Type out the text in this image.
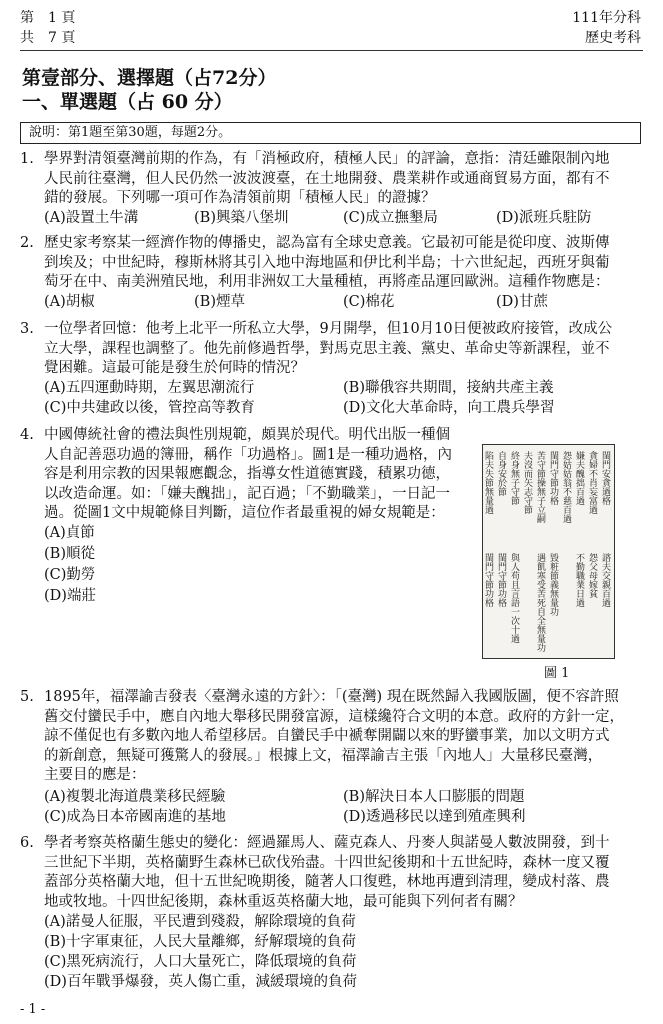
第　1 頁
共　7 頁
111年分科
歷史考科
第壹部分、選擇題（占72分）
一、單選題（占 60 分）
說明：第1題至第30題，每題2分。
1. 學界對清領臺灣前期的作為，有「消極政府，積極人民」的評論，意指：清廷雖限制內地

人民前往臺灣，但人民仍然一波波渡臺，在土地開發、農業耕作或通商貿易方面，都有不

錯的發展。下列哪一項可作為清領前期「積極人民」的證據？

(A)設置土牛溝	(B)興築八堡圳	(C)成立撫墾局	(D)派班兵駐防
2. 歷史家考察某一經濟作物的傳播史，認為富有全球史意義。它最初可能是從印度、波斯傳

到埃及；中世紀時，穆斯林將其引入地中海地區和伊比利半島；十六世紀起，西班牙與葡

萄牙在中、南美洲殖民地，利用非洲奴工大量種植，再將產品運回歐洲。這種作物應是：

(A)胡椒	(B)煙草	(C)棉花	(D)甘蔗
3. 一位學者回憶：他考上北平一所私立大學，9月開學，但10月10日便被政府接管，改成公

立大學，課程也調整了。他先前修過哲學，對馬克思主義、黨史、革命史等新課程，並不

覺困難。這最可能是發生於何時的情況？

(A)五四運動時期，左翼思潮流行	(B)聯俄容共期間，接納共產主義
(C)中共建政以後，管控高等教育	(D)文化大革命時，向工農兵學習
4. 中國傳統社會的禮法與性別規範，頗異於現代。明代出版一種個

人自記善惡功過的簿冊，稱作「功過格」。圖1是一種功過格，內

容是利用宗教的因果報應觀念，指導女性道德實踐，積累功德，

以改造命運。如：「嫌夫醜拙」，記百過；「不勤職業」，一日記一

過。從圖1文中規範條目判斷，這位作者最重視的婦女規範是：

(A)貞節
(B)順從
(C)勤勞
(D)端莊
閨門安貪過格
貪婦不肖妄富過
嫌夫醜拙百過
怨姑姑翁不慈百過
閨門守節功格
苦守節操無子立嗣
夫沒而矢志守節
終身無子守節
自身安於節
陷夫失節無量過
諮夫交親百過
怨父母嫁貧
不勤職業日過
毀粧節義無量功
遇飢寒受苦死自全無量功
與人苟且言語一次十過
閨門守節功格
閨門守節功格
圖 1
5. 1895年，福澤諭吉發表〈臺灣永遠的方針〉：「(臺灣) 現在既然歸入我國版圖，便不容許照

舊交付蠻民手中，應自內地大舉移民開發富源，這樣纔符合文明的本意。政府的方針一定，

諒不僅促也有多數內地人希望移居。自蠻民手中褫奪開闢以來的野蠻事業，加以文明方式

的新創意，無疑可獲驚人的發展。」根據上文，福澤諭吉主張「內地人」大量移民臺灣，

主要目的應是：

(A)複製北海道農業移民經驗	(B)解決日本人口膨脹的問題
(C)成為日本帝國南進的基地	(D)透過移民以達到殖產興利
6. 學者考察英格蘭生態史的變化：經過羅馬人、薩克森人、丹麥人與諾曼人數波開發，到十

三世紀下半期，英格蘭野生森林已砍伐殆盡。十四世紀後期和十五世紀時，森林一度又覆

蓋部分英格蘭大地，但十五世紀晚期後，隨著人口復甦，林地再遭到清理，變成村落、農

地或牧地。十四世紀後期，森林重返英格蘭大地，最可能與下列何者有關？

(A)諾曼人征服，平民遭到殘殺，解除環境的負荷
(B)十字軍東征，人民大量離鄉，紓解環境的負荷
(C)黑死病流行，人口大量死亡，降低環境的負荷
(D)百年戰爭爆發，英人傷亡重，減緩環境的負荷
- 1 -
